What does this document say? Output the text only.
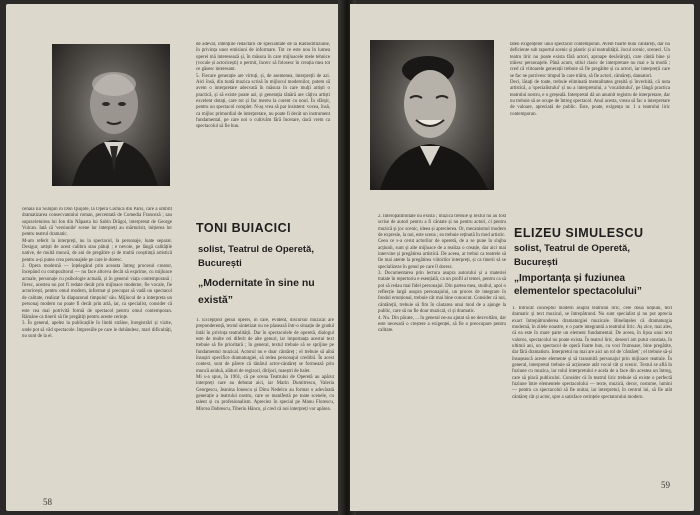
de adevăr, intențiile redactării de specialitate de la Radiodifuziune, în privința unor emisiuni de informare. Tot ce este nou în lumea operei mă interesează și, în măsura în care mijloacele mele tehnice (vocale și actoricești) o permit, încerc să folosesc în creația mea tot ce găsesc interesant.
5. Fiecare generație are virtuți, și, de asemenea, interpreții de azi. Aici însă, din toată muzica scrisă în mijlocul modernilor, putem să avem o interpretare adecvată în măsura în care mulți artiști o practică, și să existe poate azi, și generația tânără are câțiva artiști excelent dotați, care tot și fac mereu la curent cu noul. În sfârșit, pentru un spectacol complet. N-aș vrea să par insistent: vocea, însă, ca mijloc primordial de interpretare, nu poate fi decât un instrument fundamental, pe care noi o cultivăm fără încetare, dacă vrem ca spectacolul să fie bun.
cenaia lui Sulupin în Don Quijote, la Opera Comică din Paris, care a umbrit dramatizarea consecvantului roman, percentată de Comedia Franceză ; sau supravietuirea lui Ion din Năpasta lui Sabin Drăgoi, interpretat de George Vulcan. Iată că 'versiunile' scene lor interpreți au mărturisit, inițierea lor pentru teatrul dramatic.
M-am referit la interpreți, nu la spectacol, la personaje, luate separat. Desigur, artiști de acest calibru stau pătuți ; e nevoie, pe lângă calitățile native, de multă muncă, de ani de pregătire și de multă conștiință artistică pentru a-și putea crea personajele pe care le doresc.
2. Opera modernă — înțelegând prin aceasta întreg procesul creator, începând cu compozitorul — nu face altceva decât să exprime, cu mijloace actuale, personaje cu psihologie actuală, și în general viața contemporană ; firesc, acestea nu pot fi redate decât prin mijloace moderne, fie vocale, fie actoricești, pentru omul modern, informat și precupat să vadă un spectacol de calitate, realizat 'la diapazonul timpului' său. Mijlocul de a interpreta un personaj modern nu poate fi decât prin artă, iar, ca specialist, consider că este cea mai potrivită formă de spectacol pentru omul contemporan. Rămâne ca tinerii să fie pregătiți pentru aceste cerințe.
3. În general, apelez la publicațiile în limbi străine, înregistrări și vizite, unde pot să văd spectacole. Impresiile pe care le dobândesc, mari dificultăți, nu sunt de la ei.
TONI BUIACICI
solist, Teatrul de Operetă, București
„Modernitate în sine nu există”
1. Excepțind genul operei, în care, evident, discursul muzical are preponderență, textul sintetizat nu ne plasează într-o situație de gradul întâi în privința teatralității. Dar în spectacolele de operetă, dialogul este de multe ori diferit de alte genuri, iar importanța acestui text trebuie să fie prioritară ; în general, textul trebuie să se sprijine pe fundamentul muzical. Actorul nu e doar cântăreț ; el trebuie să aibă însușiri specifice dramaturgiei, să redea personajul credibil. În acest context, sunt de părere că tânărul actor-cântăreț se formează prin muncă asiduă, alături de regizori, dirijori, maeștri de balet.
Mi s-a spus, în 1961, că pe scena Teatrului de Operetă au apărut interpreți care au debutat aici, iar Marin Dumitrescu, Valeria Georgescu, Jeanina Ionescu și Dinu Nedelcu au format o adevărată generație a teatrului nostru, care se manifestă pe toate scenele, cu talent și cu profesionalism. Apreciez în special pe Manu Florescu, Mircea Dobrescu, Tiberiu Hâncu, și cred că noi interpreți vor apărea.
58
taten exigențelor unui spectacol contemporan. Avem foarte buni cântăreți, dar nu deficiente sub raportul scenic și plastic și al teatralității. Jocul scenic, sceneci. Un teatru liric nu poate exista fără actori, aproape desăvârșiți, care cântă bine și trăiesc personajele. Până acum, stilul clasic de interpretare nu mai e la modă ; cred că viitoarele generații trebuie să fie pregătite și ca actori, iar interpreții care se fac ne potrivesc timpul în care trăim, să fie actori, cântăreți, dansatori.
Deci, lăsaţi de toate, trebuie eliminată mentalitatea greșită și învechită, că nota artistică, a 'specialistului' și nu a interpretului, a 'vocalistului', pe lângă practica teatrului nostru, e o greșeală. Interpretul dă un anumit registru de interpretare, dar nu trebuie să se ocupe de întreg spectacol. Anul acesta, vreau să fac o interpretare de valoare, apreciată de public. Este, poate, exigența nr. 1 a teatrului liric contemporan.
2. Interopatibilitate nu există ; muzica trebuie și textul nu au fost scrise de autori pentru a fi cântate și nu pentru actori, ci pentru muzică și joc scenic, ideea și aprecierea. Or, mecanismul modern de expresie, la noi, este scena ; ea trebuie reținută în mod artistic.
Ceea ce s-a cerut actorilor de operetă, de a se pune în slujba acțiunii, sunt și alte mijloace de a realiza o creație, dar aici mai intervine și pregătirea artistică. De aceea, ar trebui ca teatrele să fie mai atente la pregătirea viitorilor interpreți, și ca tinerii să se specializeze în genul pe care îl doresc.
3. Documentarea prin lectura asupra autorului și a materiei tratate în repertoriu e esențială, ca un profil al temei, pentru ca să pot să redau mai fidel personajul. Din partea mea, studiul, apoi o reflecție largă asupra personajului, un proces de integrare în fondul emoțional, trebuie cât mai bine cunoscut. Consider că noi, cântăreții, trebuie să fim în căutarea unui mod de a ajunge la public, care să nu fie doar muzical, ci și dramatic.
4. Nu. Din păcate, ... în general ne-au ajutat să ne dezvoltăm, dar este necesară o creștere a exigenței, să fie o preocupare pentru calitate.
ELIZEU SIMULESCU
solist, Teatrul de Operetă, București
„Importanța și fuziunea elementelor spectacolului”
1. Întrucât conceptul modern asupra teatrului liric, cele două noțiuni, text dramatic și text muzical, se întrepătrund. Nu sunt specialist și nu pot aprecia exact întrepătrunderea dramaturgiei muzicale. Bineînțeles că dramaturgia modernă, în zilele noastre, e o parte integrantă a teatrului liric. Aș zice, mai ales, că ea este în mare parte un element fundamental. De aceea, în lipsa unui text valoros, spectacolul nu poate exista. În teatrul liric, deseori am putut constata, în ultimii ani, un spectacol de operă foarte bun, cu voci frumoase, bine pregătite, dar fără dramatism. Interpretul nu mai are aici un rol de 'cântăreț' ; el trebuie să-și însușească aceste elemente și să transmită personajul prin mijloace teatrale. În general, interpretul trebuie să acționeze atât vocal cât și scenic. Textul se află în fuziune cu muzica, iar rolul interpretului e acela de a face din acestea un întreg, care să placă publicului. Consider că în teatrul liric trebuie să existe o perfectă fuziune între elementele spectacolului — texte, muzică, decor, costume, lumini — pentru ca spectacolul să fie unitar, iar interpretul, în centrul lui, să fie atât cântăreț cât și actor, spre a satisface cerințele spectatorului modern.
59
